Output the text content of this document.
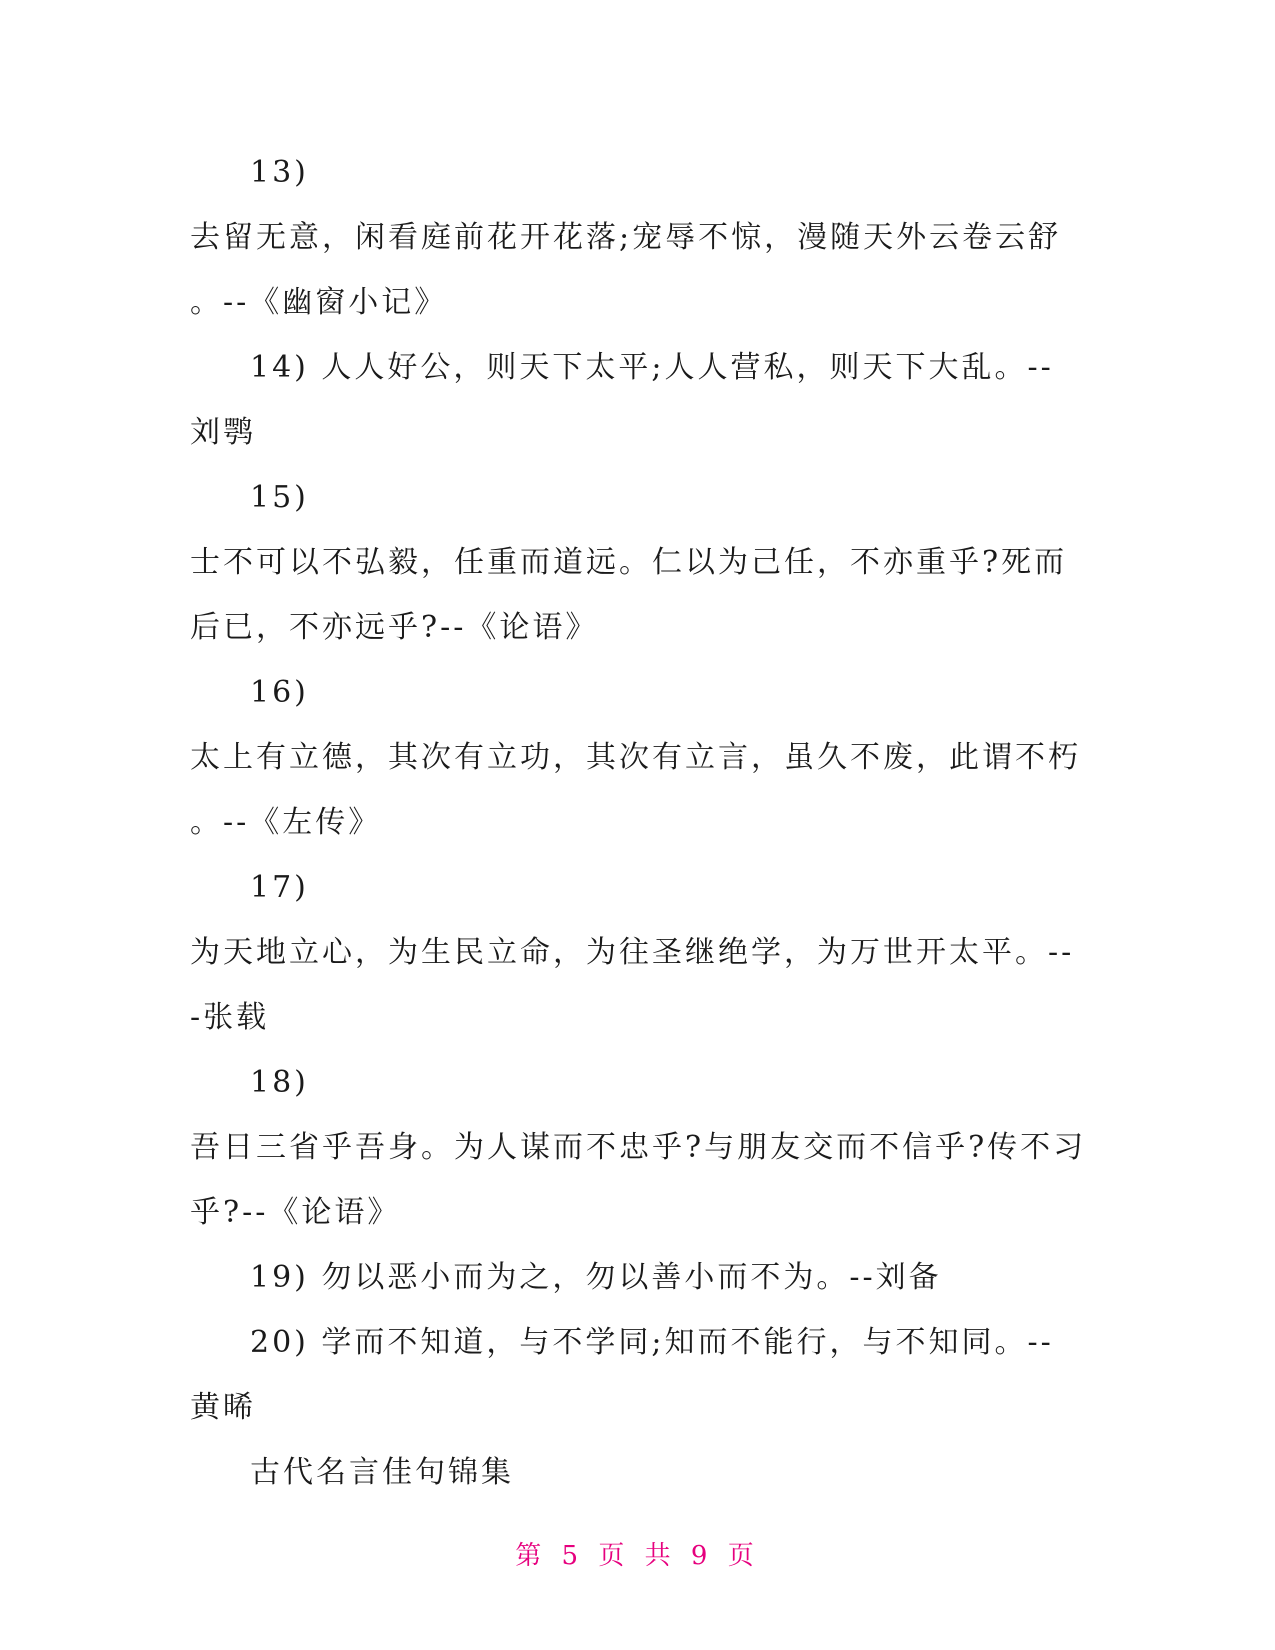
13)
去留无意，闲看庭前花开花落;宠辱不惊，漫随天外云卷云舒
。--《幽窗小记》
14) 人人好公，则天下太平;人人营私，则天下大乱。--
刘鹗
15)
士不可以不弘毅，任重而道远。仁以为己任，不亦重乎?死而
后已，不亦远乎?--《论语》
16)
太上有立德，其次有立功，其次有立言，虽久不废，此谓不朽
。--《左传》
17)
为天地立心，为生民立命，为往圣继绝学，为万世开太平。--
-张载
18)
吾日三省乎吾身。为人谋而不忠乎?与朋友交而不信乎?传不习
乎?--《论语》
19) 勿以恶小而为之，勿以善小而不为。--刘备
20) 学而不知道，与不学同;知而不能行，与不知同。--
黄晞
古代名言佳句锦集
第 5 页 共 9 页
